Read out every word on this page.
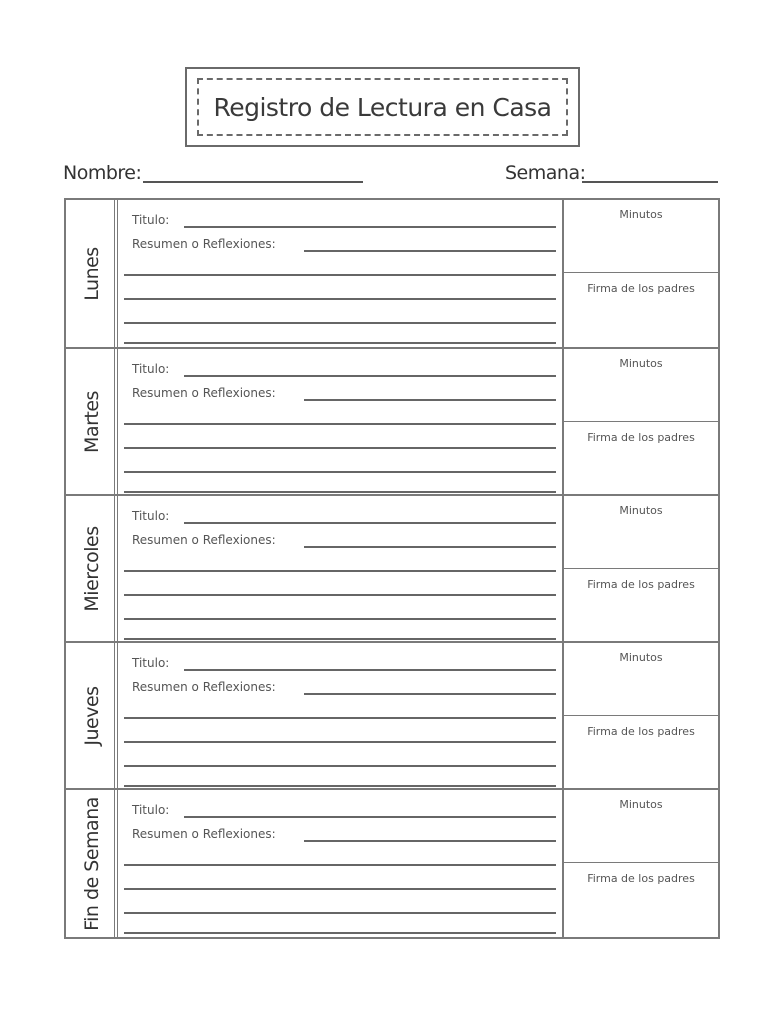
Registro de Lectura en Casa
Nombre:	Semana:
Lunes
Titulo:
Resumen o Reflexiones:
Minutos
Firma de los padres
Martes
Titulo:
Resumen o Reflexiones:
Minutos
Firma de los padres
Miercoles
Titulo:
Resumen o Reflexiones:
Minutos
Firma de los padres
Jueves
Titulo:
Resumen o Reflexiones:
Minutos
Firma de los padres
Fin de Semana Titulo:
Resumen o Reflexiones:
Minutos
Firma de los padres
